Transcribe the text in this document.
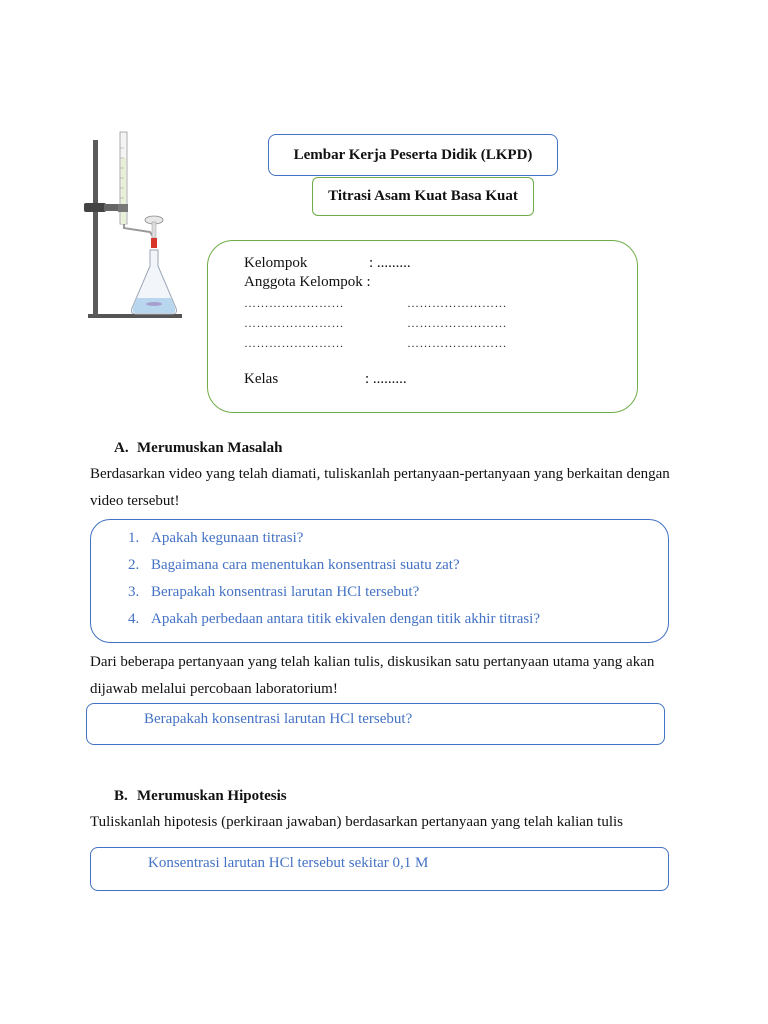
Lembar Kerja Peserta Didik (LKPD)
Titrasi Asam Kuat Basa Kuat
Kelompok	: .........
Anggota Kelompok :
……………………	……………………
……………………	……………………
……………………	……………………
Kelas	: .........
A. Merumuskan Masalah
Berdasarkan video yang telah diamati, tuliskanlah pertanyaan-pertanyaan yang berkaitan dengan
video tersebut!
1. Apakah kegunaan titrasi?
2. Bagaimana cara menentukan konsentrasi suatu zat?
3. Berapakah konsentrasi larutan HCl tersebut?
4. Apakah perbedaan antara titik ekivalen dengan titik akhir titrasi?
Dari beberapa pertanyaan yang telah kalian tulis, diskusikan satu pertanyaan utama yang akan
dijawab melalui percobaan laboratorium!
Berapakah konsentrasi larutan HCl tersebut?
B. Merumuskan Hipotesis
Tuliskanlah hipotesis (perkiraan jawaban) berdasarkan pertanyaan yang telah kalian tulis
Konsentrasi larutan HCl tersebut sekitar 0,1 M
